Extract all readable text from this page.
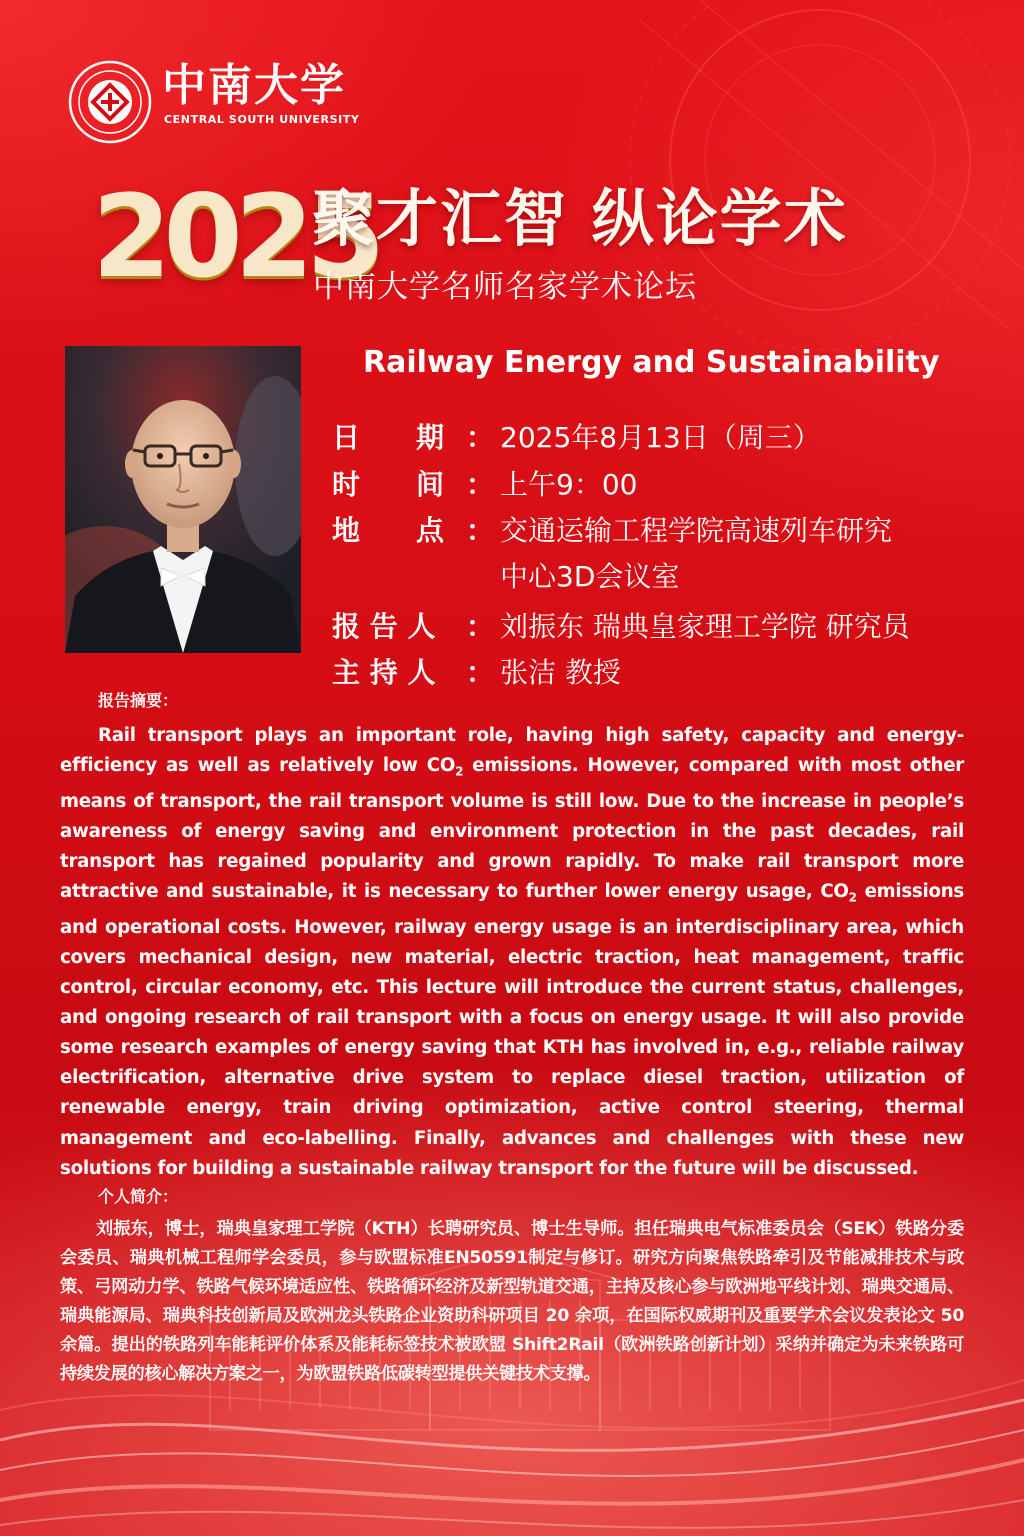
中南大学
CENTRAL SOUTH UNIVERSITY
2025
聚才汇智 纵论学术
中南大学名师名家学术论坛
Railway Energy and Sustainability
日　　期 ： 2025年8月13日（周三）
时　　间 ： 上午9：00
地　　点 ： 交通运输工程学院高速列车研究
中心3D会议室
报 告 人	： 刘振东 瑞典皇家理工学院 研究员
主 持 人	： 张洁 教授
报告摘要：
Rail transport plays an important role, having high safety, capacity and energy-efficiency as well as relatively low $CO_2$ emissions. However, compared with most other means of transport, the rail transport volume is still low. Due to the increase in people’s awareness of energy saving and environment protection in the past decades, rail transport has regained popularity and grown rapidly. To make rail transport more attractive and sustainable, it is necessary to further lower energy usage, $CO_2$ emissions and operational costs. However, railway energy usage is an interdisciplinary area, which covers mechanical design, new material, electric traction, heat management, traffic control, circular economy, etc. This lecture will introduce the current status, challenges, and ongoing research of rail transport with a focus on energy usage. It will also provide some research examples of energy saving that KTH has involved in, e.g., reliable railway electrification, alternative drive system to replace diesel traction, utilization of renewable energy, train driving optimization, active control steering, thermal management and eco-labelling. Finally, advances and challenges with these new solutions for building a sustainable railway transport for the future will be discussed.
个人简介：
刘振东，博士，瑞典皇家理工学院（KTH）长聘研究员、博士生导师。担任瑞典电气标准委员会（SEK）铁路分委会委员、瑞典机械工程师学会委员，参与欧盟标准EN50591制定与修订。研究方向聚焦铁路牵引及节能减排技术与政策、弓网动力学、铁路气候环境适应性、铁路循环经济及新型轨道交通，主持及核心参与欧洲地平线计划、瑞典交通局、瑞典能源局、瑞典科技创新局及欧洲龙头铁路企业资助科研项目 20 余项，在国际权威期刊及重要学术会议发表论文 50 余篇。提出的铁路列车能耗评价体系及能耗标签技术被欧盟 Shift2Rail（欧洲铁路创新计划）采纳并确定为未来铁路可持续发展的核心解决方案之一，为欧盟铁路低碳转型提供关键技术支撑。
